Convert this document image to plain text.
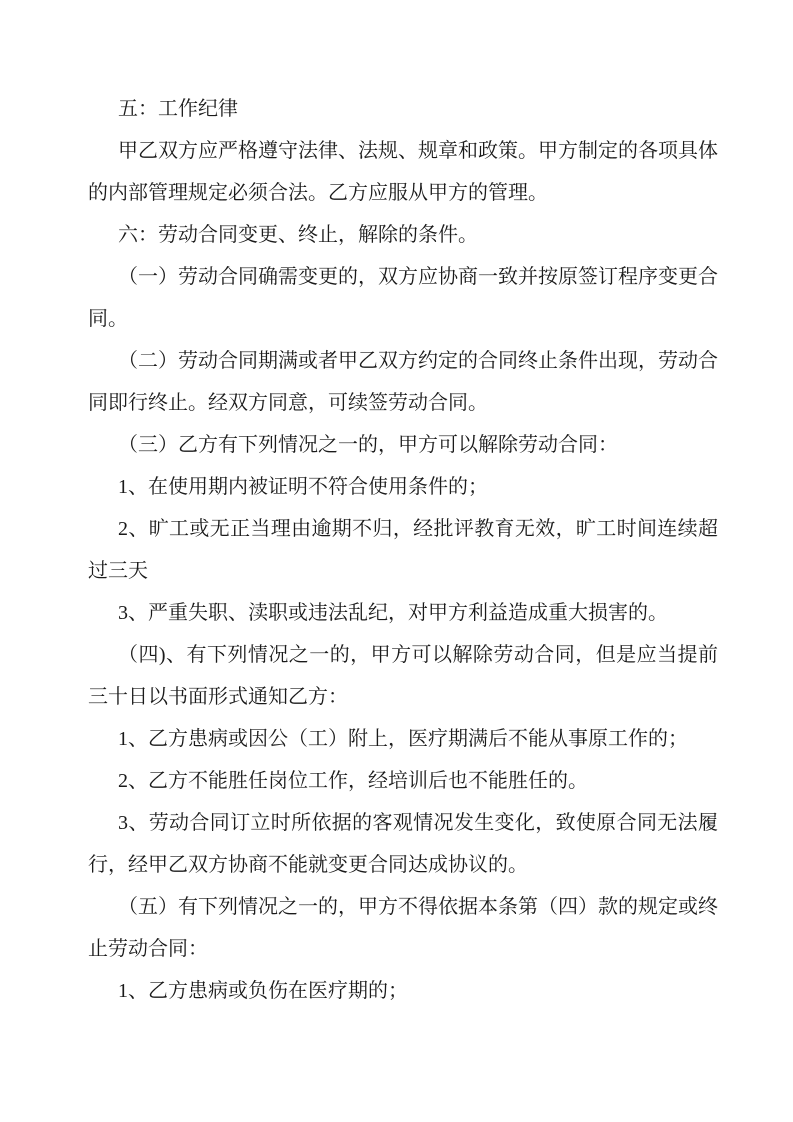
五：工作纪律

甲乙双方应严格遵守法律、法规、规章和政策。甲方制定的各项具体的内部管理规定必须合法。乙方应服从甲方的管理。

六：劳动合同变更、终止，解除的条件。

（一）劳动合同确需变更的，双方应协商一致并按原签订程序变更合同。

（二）劳动合同期满或者甲乙双方约定的合同终止条件出现，劳动合同即行终止。经双方同意，可续签劳动合同。

（三）乙方有下列情况之一的，甲方可以解除劳动合同：

1、在使用期内被证明不符合使用条件的；

2、旷工或无正当理由逾期不归，经批评教育无效，旷工时间连续超过三天

3、严重失职、渎职或违法乱纪，对甲方利益造成重大损害的。

（四)、有下列情况之一的，甲方可以解除劳动合同，但是应当提前三十日以书面形式通知乙方：

1、乙方患病或因公（工）附上，医疗期满后不能从事原工作的；

2、乙方不能胜任岗位工作，经培训后也不能胜任的。

3、劳动合同订立时所依据的客观情况发生变化，致使原合同无法履行，经甲乙双方协商不能就变更合同达成协议的。

（五）有下列情况之一的，甲方不得依据本条第（四）款的规定或终止劳动合同：

1、乙方患病或负伤在医疗期的；
